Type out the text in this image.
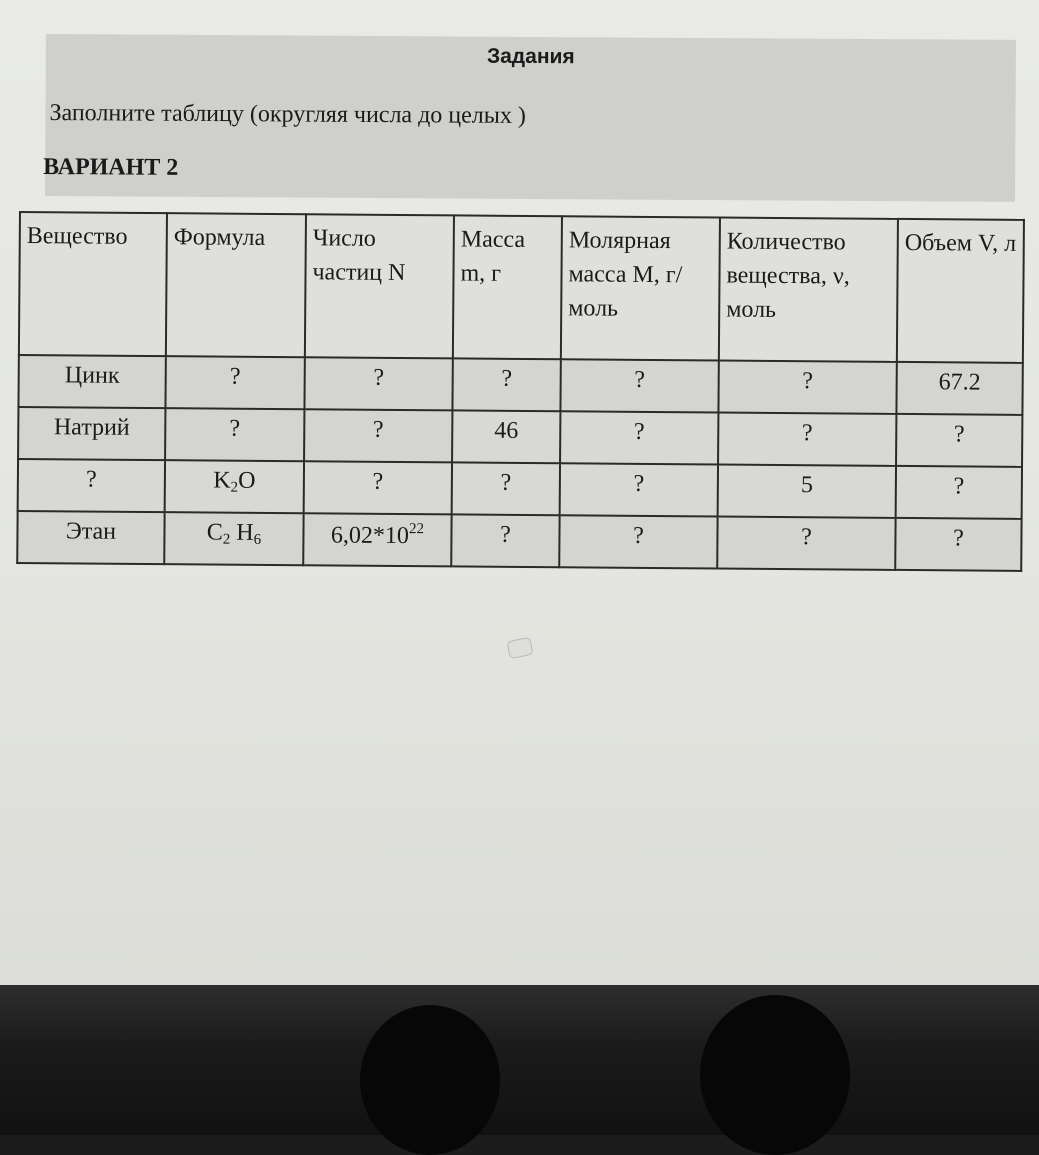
Задания
Заполните таблицу (округляя числа до целых )
ВАРИАНТ 2
Вещество	Формула	Число частиц N	Масса m, г	Молярная масса M, г/моль	Количество вещества, ν, моль	Объем V, л
Цинк	?	?	?	?	?	67.2
Натрий	?	?	46	?	?	?
?	$K_2O$	?	?	?	5	?
Этан	$C_2$ $H_6$	$6,02*10^{22}$	?	?	?	?
